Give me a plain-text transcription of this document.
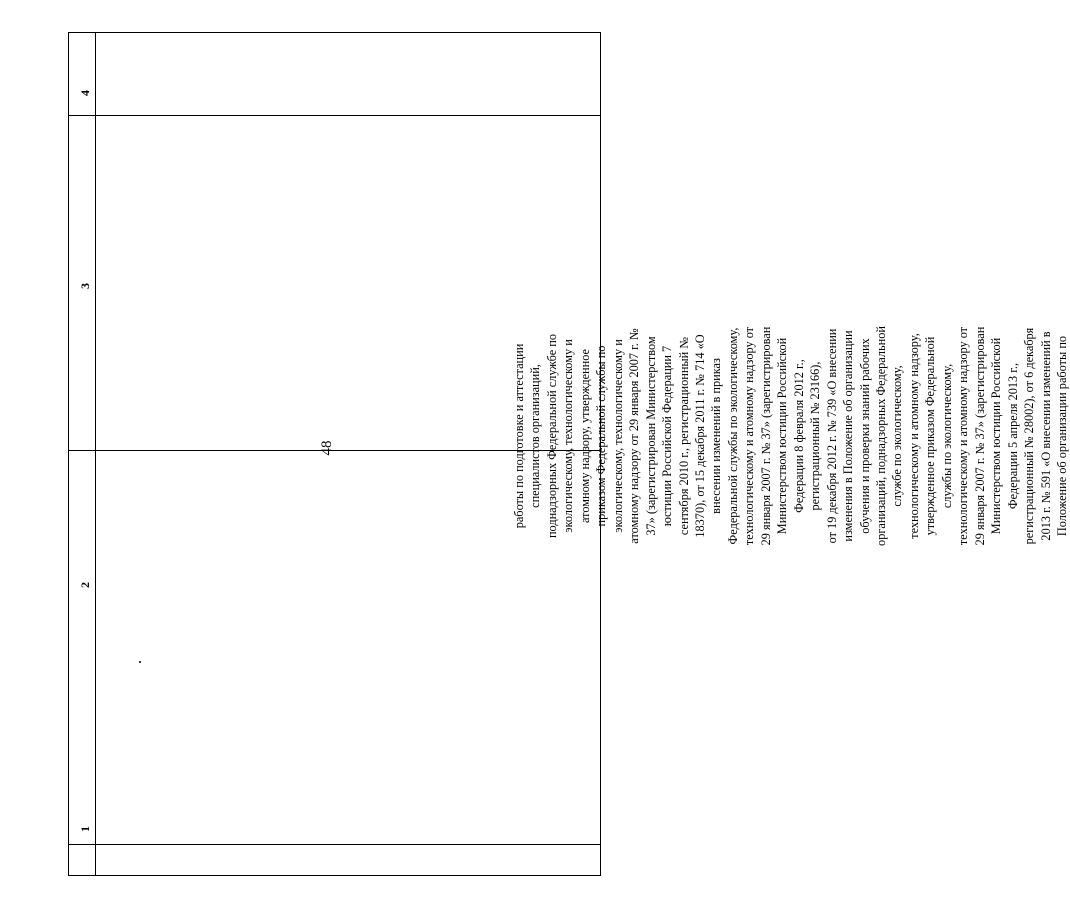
48
4
3
2
1
работы по подготовке и аттестации специалистов организаций, поднадзорных Федеральной службе по экологическому, технологическому и атомному надзору, утвержденное приказом Федеральной службы по экологическому, технологическому и атомному надзору от 29 января 2007 г. № 37» (зарегистрирован Министерством юстиции Российской Федерации 7 сентября 2010 г., регистрационный № 18370), от 15 декабря 2011 г. № 714 «О внесении изменений в приказ Федеральной службы по экологическому, технологическому и атомному надзору от 29 января 2007 г. № 37» (зарегистрирован Министерством юстиции Российской Федерации 8 февраля 2012 г., регистрационный № 23166), от 19 декабря 2012 г. № 739 «О внесении изменения в Положение об организации обучения и проверки знаний рабочих организаций, поднадзорных Федеральной службе по экологическому, технологическому и атомному надзору, утвержденное приказом Федеральной службы по экологическому, технологическому и атомному надзору от 29 января 2007 г. № 37» (зарегистрирован Министерством юстиции Российской Федерации 5 апреля 2013 г., регистрационный № 28002), от 6 декабря 2013 г. № 591 «О внесении изменений в Положение об организации работы по
